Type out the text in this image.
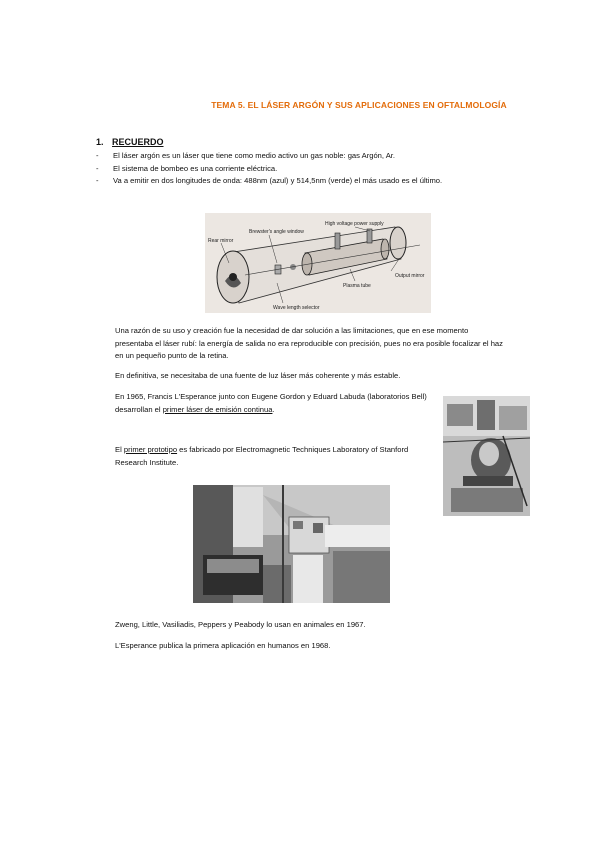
TEMA 5. EL LÁSER ARGÓN Y SUS APLICACIONES EN OFTALMOLOGÍA
1. RECUERDO
- El láser argón es un láser que tiene como medio activo un gas noble: gas Argón, Ar.
- El sistema de bombeo es una corriente eléctrica.
- Va a emitir en dos longitudes de onda: 488nm (azul) y 514,5nm (verde) el más usado es el último.
Brewster's angle window
High voltage power supply
Rear mirror
Output mirror
Plasma tube
Wave length selector
Una razón de su uso y creación fue la necesidad de dar solución a las limitaciones, que en ese momento presentaba el láser rubí: la energía de salida no era reproducible con precisión, pues no era posible focalizar el haz en un pequeño punto de la retina.
En definitiva, se necesitaba de una fuente de luz láser más coherente y más estable.
En 1965, Francis L'Esperance junto con Eugene Gordon y Eduard Labuda (laboratorios Bell) desarrollan el primer láser de emisión continua.
El primer prototipo es fabricado por Electromagnetic Techniques Laboratory of Stanford Research Institute.
Zweng, Little, Vasiliadis, Peppers y Peabody lo usan en animales en 1967.
L'Esperance publica la primera aplicación en humanos en 1968.
